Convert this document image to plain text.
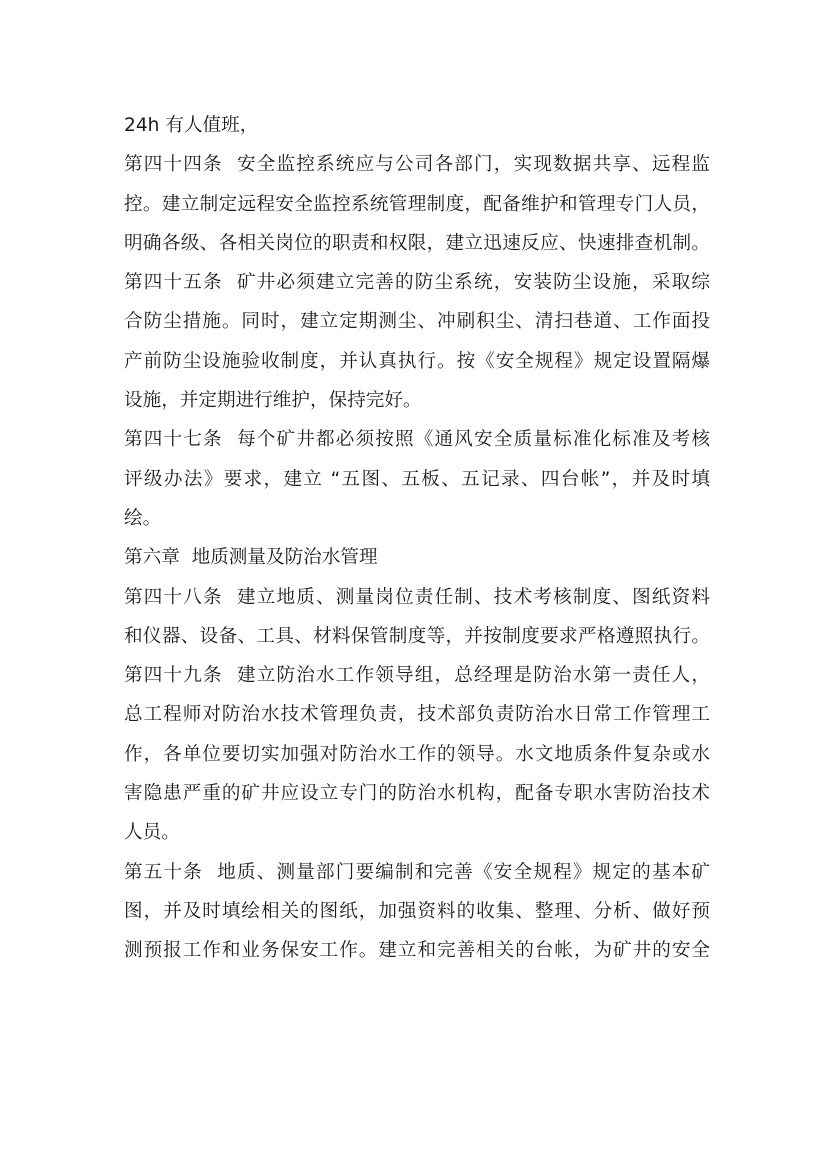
24h 有人值班，
第四十四条  安全监控系统应与公司各部门，实现数据共享、远程监
控。建立制定远程安全监控系统管理制度，配备维护和管理专门人员，
明确各级、各相关岗位的职责和权限，建立迅速反应、快速排查机制。
第四十五条  矿井必须建立完善的防尘系统，安装防尘设施，采取综
合防尘措施。同时，建立定期测尘、冲刷积尘、清扫巷道、工作面投
产前防尘设施验收制度，并认真执行。按《安全规程》规定设置隔爆
设施，并定期进行维护，保持完好。
第四十七条  每个矿井都必须按照《通风安全质量标准化标准及考核
评级办法》要求，建立 “五图、五板、五记录、四台帐”，并及时填
绘。
第六章  地质测量及防治水管理
第四十八条  建立地质、测量岗位责任制、技术考核制度、图纸资料
和仪器、设备、工具、材料保管制度等，并按制度要求严格遵照执行。
第四十九条  建立防治水工作领导组，总经理是防治水第一责任人，
总工程师对防治水技术管理负责，技术部负责防治水日常工作管理工
作，各单位要切实加强对防治水工作的领导。水文地质条件复杂或水
害隐患严重的矿井应设立专门的防治水机构，配备专职水害防治技术
人员。
第五十条  地质、测量部门要编制和完善《安全规程》规定的基本矿
图，并及时填绘相关的图纸，加强资料的收集、整理、分析、做好预
测预报工作和业务保安工作。建立和完善相关的台帐，为矿井的安全
